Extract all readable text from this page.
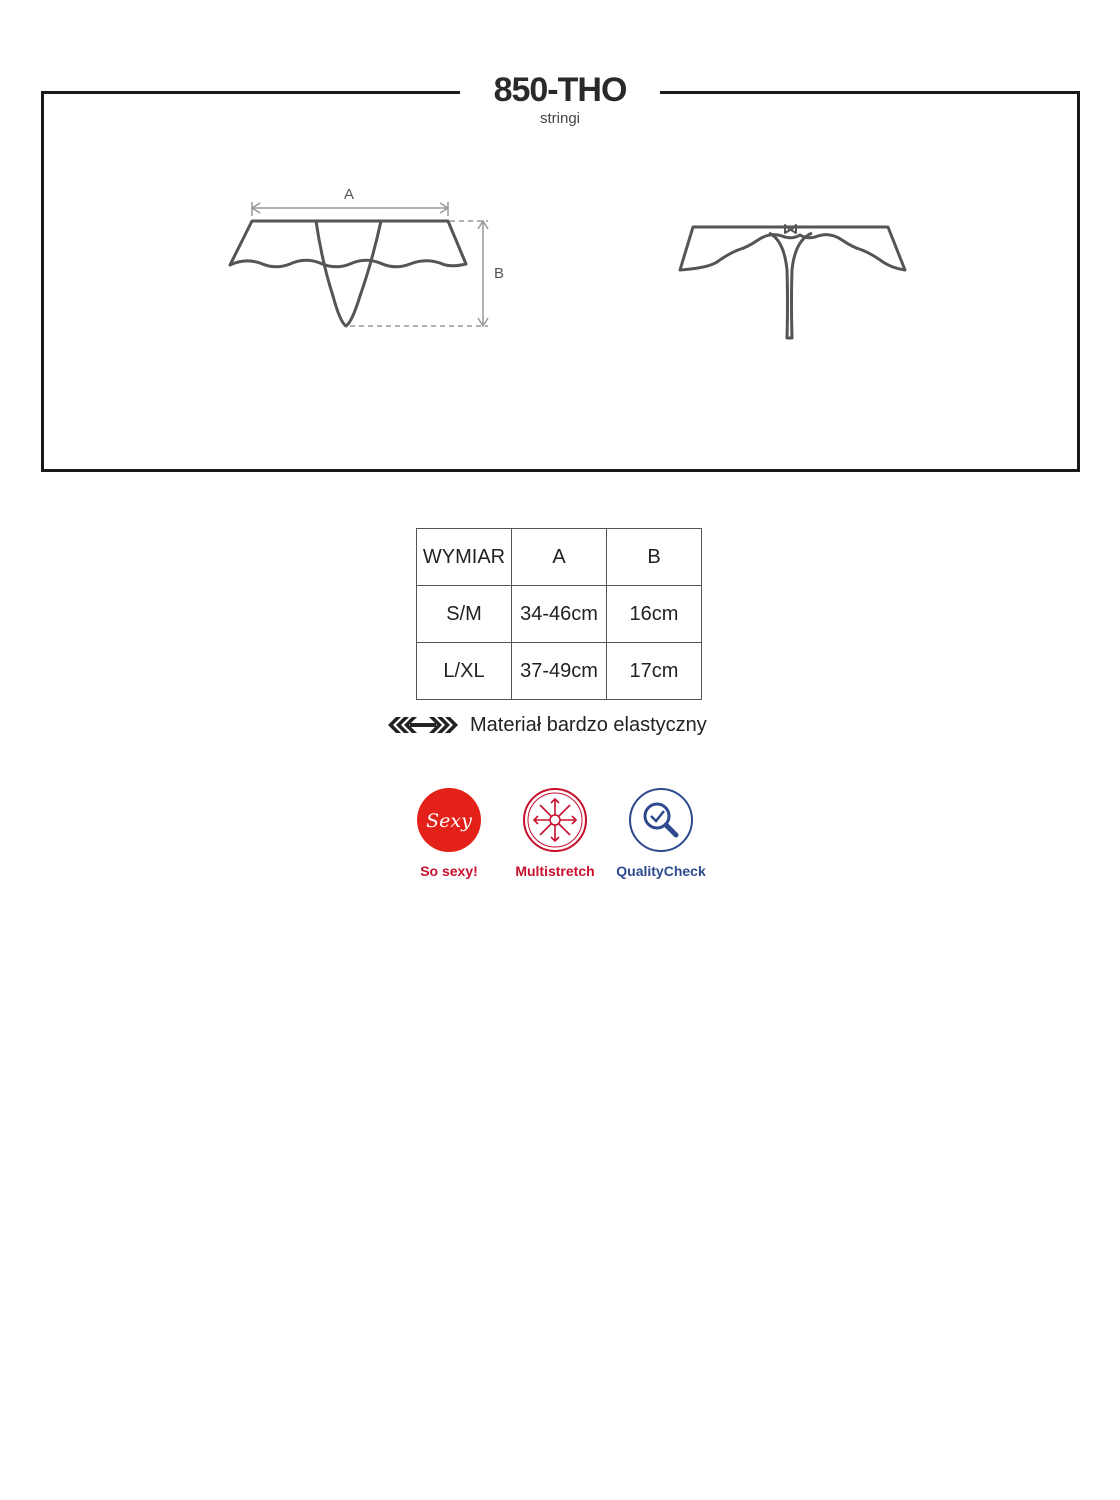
A
B
850-THO
stringi
WYMIAR	A	B
S/M	34-46cm	16cm
L/XL	37-49cm	17cm
Materiał bardzo elastyczny
Sexy
So sexy!	Multistretch QualityCheck
